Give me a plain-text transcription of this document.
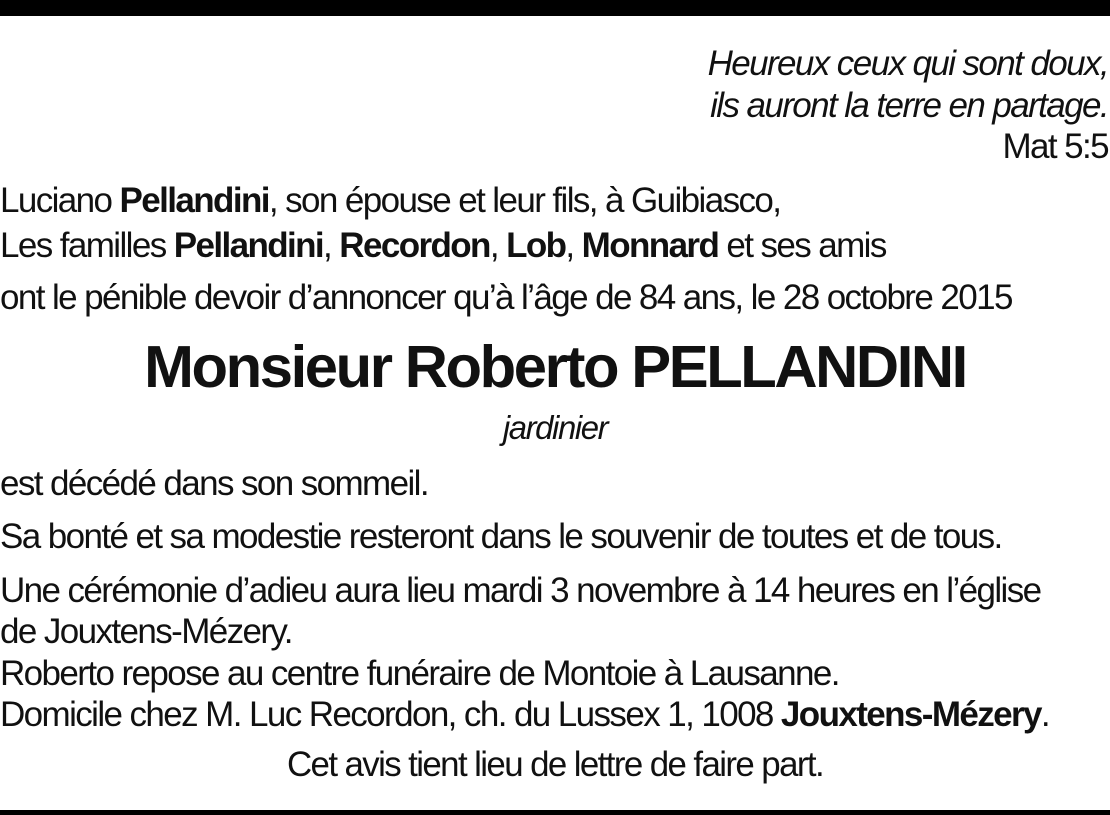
Heureux ceux qui sont doux,
ils auront la terre en partage.
Mat 5:5
Luciano Pellandini, son épouse et leur fils, à Guibiasco,
Les familles Pellandini, Recordon, Lob, Monnard et ses amis
ont le pénible devoir d’annoncer qu’à l’âge de 84 ans, le 28 octobre 2015
Monsieur Roberto PELLANDINI
jardinier
est décédé dans son sommeil.
Sa bonté et sa modestie resteront dans le souvenir de toutes et de tous.
Une cérémonie d’adieu aura lieu mardi 3 novembre à 14 heures en l’église
de Jouxtens-Mézery.
Roberto repose au centre funéraire de Montoie à Lausanne.
Domicile chez M. Luc Recordon, ch. du Lussex 1, 1008 Jouxtens-Mézery.
Cet avis tient lieu de lettre de faire part.
